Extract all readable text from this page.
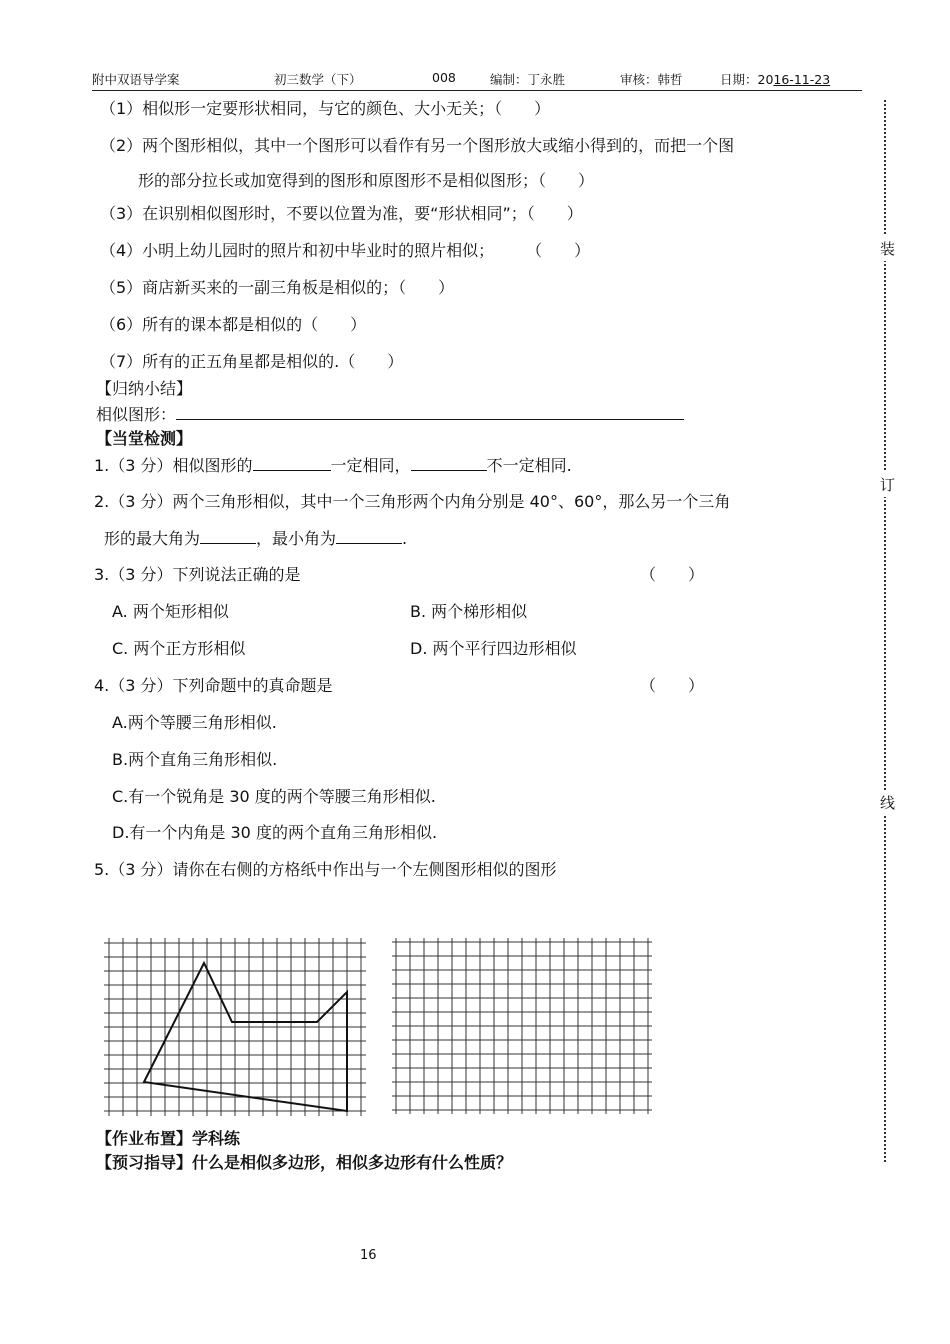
附中双语导学案	初三数学（下）	008	编制：丁永胜	审核：韩哲	日期：2016-11-23
（1）相似形一定要形状相同，与它的颜色、大小无关；（　　）
（2）两个图形相似，其中一个图形可以看作有另一个图形放大或缩小得到的，而把一个图
形的部分拉长或加宽得到的图形和原图形不是相似图形；（　　）
（3）在识别相似图形时，不要以位置为准，要“形状相同”；（　　）
（4）小明上幼儿园时的照片和初中毕业时的照片相似；　　　（　　）
（5）商店新买来的一副三角板是相似的；（　　）
（6）所有的课本都是相似的（　　）
（7）所有的正五角星都是相似的.（　　）
【归纳小结】
相似图形：
【当堂检测】
1.（3 分）相似图形的	一定相同，	不一定相同.
2.（3 分）两个三角形相似，其中一个三角形两个内角分别是 40°、60°，那么另一个三角
形的最大角为	，最小角为	.
3.（3 分）下列说法正确的是	（　　）
A. 两个矩形相似	B. 两个梯形相似
C. 两个正方形相似	D. 两个平行四边形相似
4.（3 分）下列命题中的真命题是	（　　）
A.两个等腰三角形相似.
B.两个直角三角形相似.
C.有一个锐角是 30 度的两个等腰三角形相似.
D.有一个内角是 30 度的两个直角三角形相似.
5.（3 分）请你在右侧的方格纸中作出与一个左侧图形相似的图形
【作业布置】学科练
【预习指导】什么是相似多边形，相似多边形有什么性质？
装
订
线
16
